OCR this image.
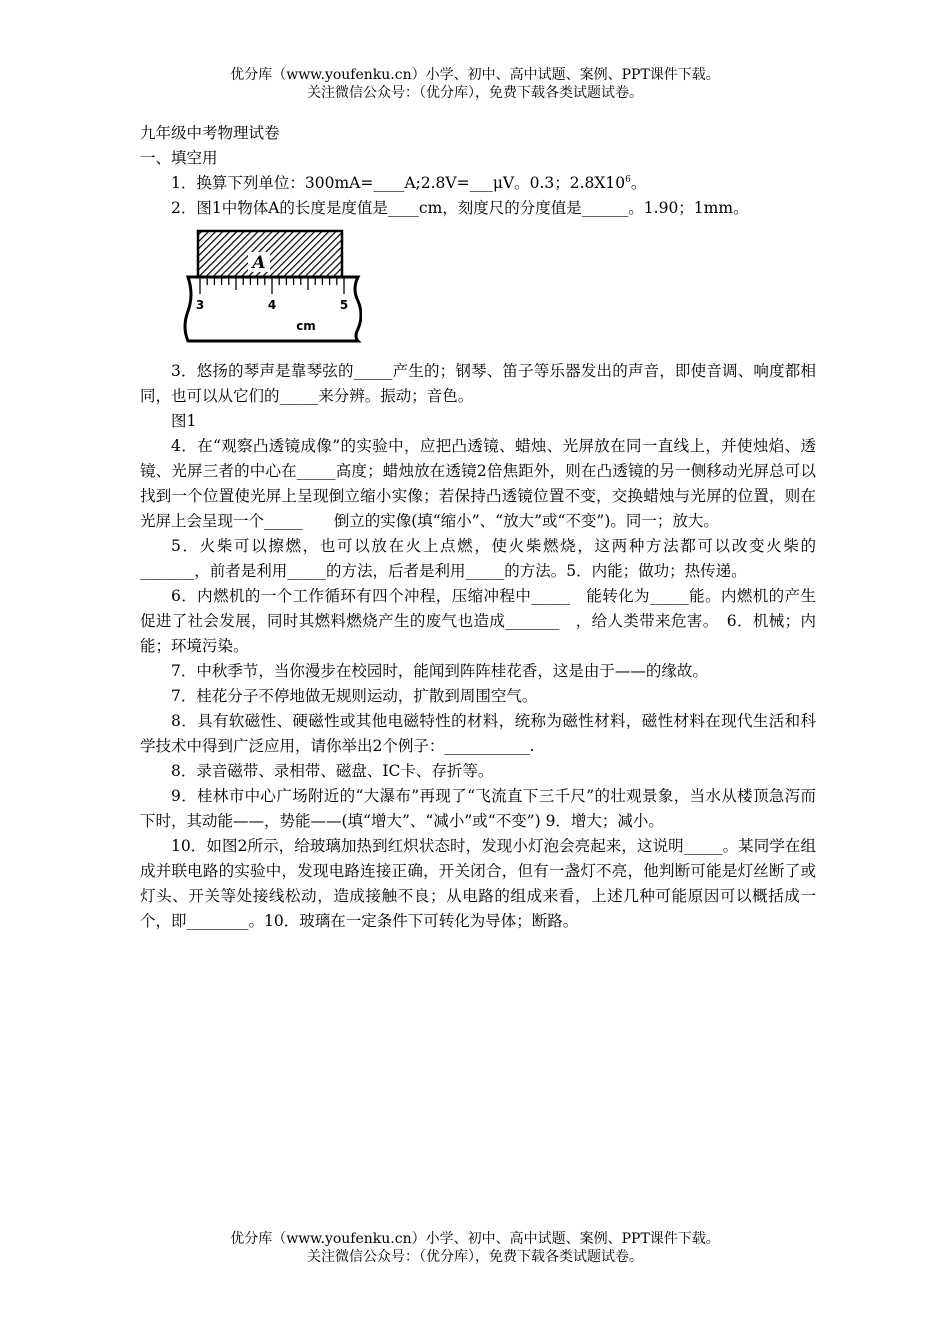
优分库（www.youfenku.cn）小学、初中、高中试题、案例、PPT课件下载。
关注微信公众号：（优分库），免费下载各类试题试卷。

九年级中考物理试卷

一、填空用

1．换算下列单位：300mA=____A;2.8V=___μV。0.3；$2.8X10^6$。

2．图1中物体A的长度是度值是____cm，刻度尺的分度值是______。1.90；1mm。

A
3	4	5
cm

3．悠扬的琴声是靠琴弦的_____产生的；钢琴、笛子等乐器发出的声音，即使音调、响度都相同，也可以从它们的_____来分辨。振动；音色。

图1

4．在“观察凸透镜成像”的实验中，应把凸透镜、蜡烛、光屏放在同一直线上，并使烛焰、透镜、光屏三者的中心在_____高度；蜡烛放在透镜2倍焦距外，则在凸透镜的另一侧移动光屏总可以找到一个位置使光屏上呈现倒立缩小实像；若保持凸透镜位置不变，交换蜡烛与光屏的位置，则在光屏上会呈现一个_____　　倒立的实像(填“缩小”、“放大”或“不变”)。同一；放大。

5．火柴可以擦燃，也可以放在火上点燃，使火柴燃烧，这两种方法都可以改变火柴的_______，前者是利用_____的方法，后者是利用_____的方法。5．内能；做功；热传递。

6．内燃机的一个工作循环有四个冲程，压缩冲程中_____　能转化为_____能。内燃机的产生促进了社会发展，同时其燃料燃烧产生的废气也造成_______　，给人类带来危害。　6．机械；内能；环境污染。

7．中秋季节，当你漫步在校园时，能闻到阵阵桂花香，这是由于——的缘故。

7．桂花分子不停地做无规则运动，扩散到周围空气。

8．具有软磁性、硬磁性或其他电磁特性的材料，统称为磁性材料，磁性材料在现代生活和科学技术中得到广泛应用，请你举出2个例子：___________.

8．录音磁带、录相带、磁盘、IC卡、存折等。

9．桂林市中心广场附近的“大瀑布”再现了“飞流直下三千尺”的壮观景象，当水从楼顶急泻而下时，其动能——，势能——(填“增大”、“减小”或“不变”) 9．增大；减小。

10．如图2所示，给玻璃加热到红炽状态时，发现小灯泡会亮起来，这说明_____。某同学在组成并联电路的实验中，发现电路连接正确，开关闭合，但有一盏灯不亮，他判断可能是灯丝断了或灯头、开关等处接线松动，造成接触不良；从电路的组成来看，上述几种可能原因可以概括成一个，即________。10．玻璃在一定条件下可转化为导体；断路。

优分库（www.youfenku.cn）小学、初中、高中试题、案例、PPT课件下载。
关注微信公众号：（优分库），免费下载各类试题试卷。
